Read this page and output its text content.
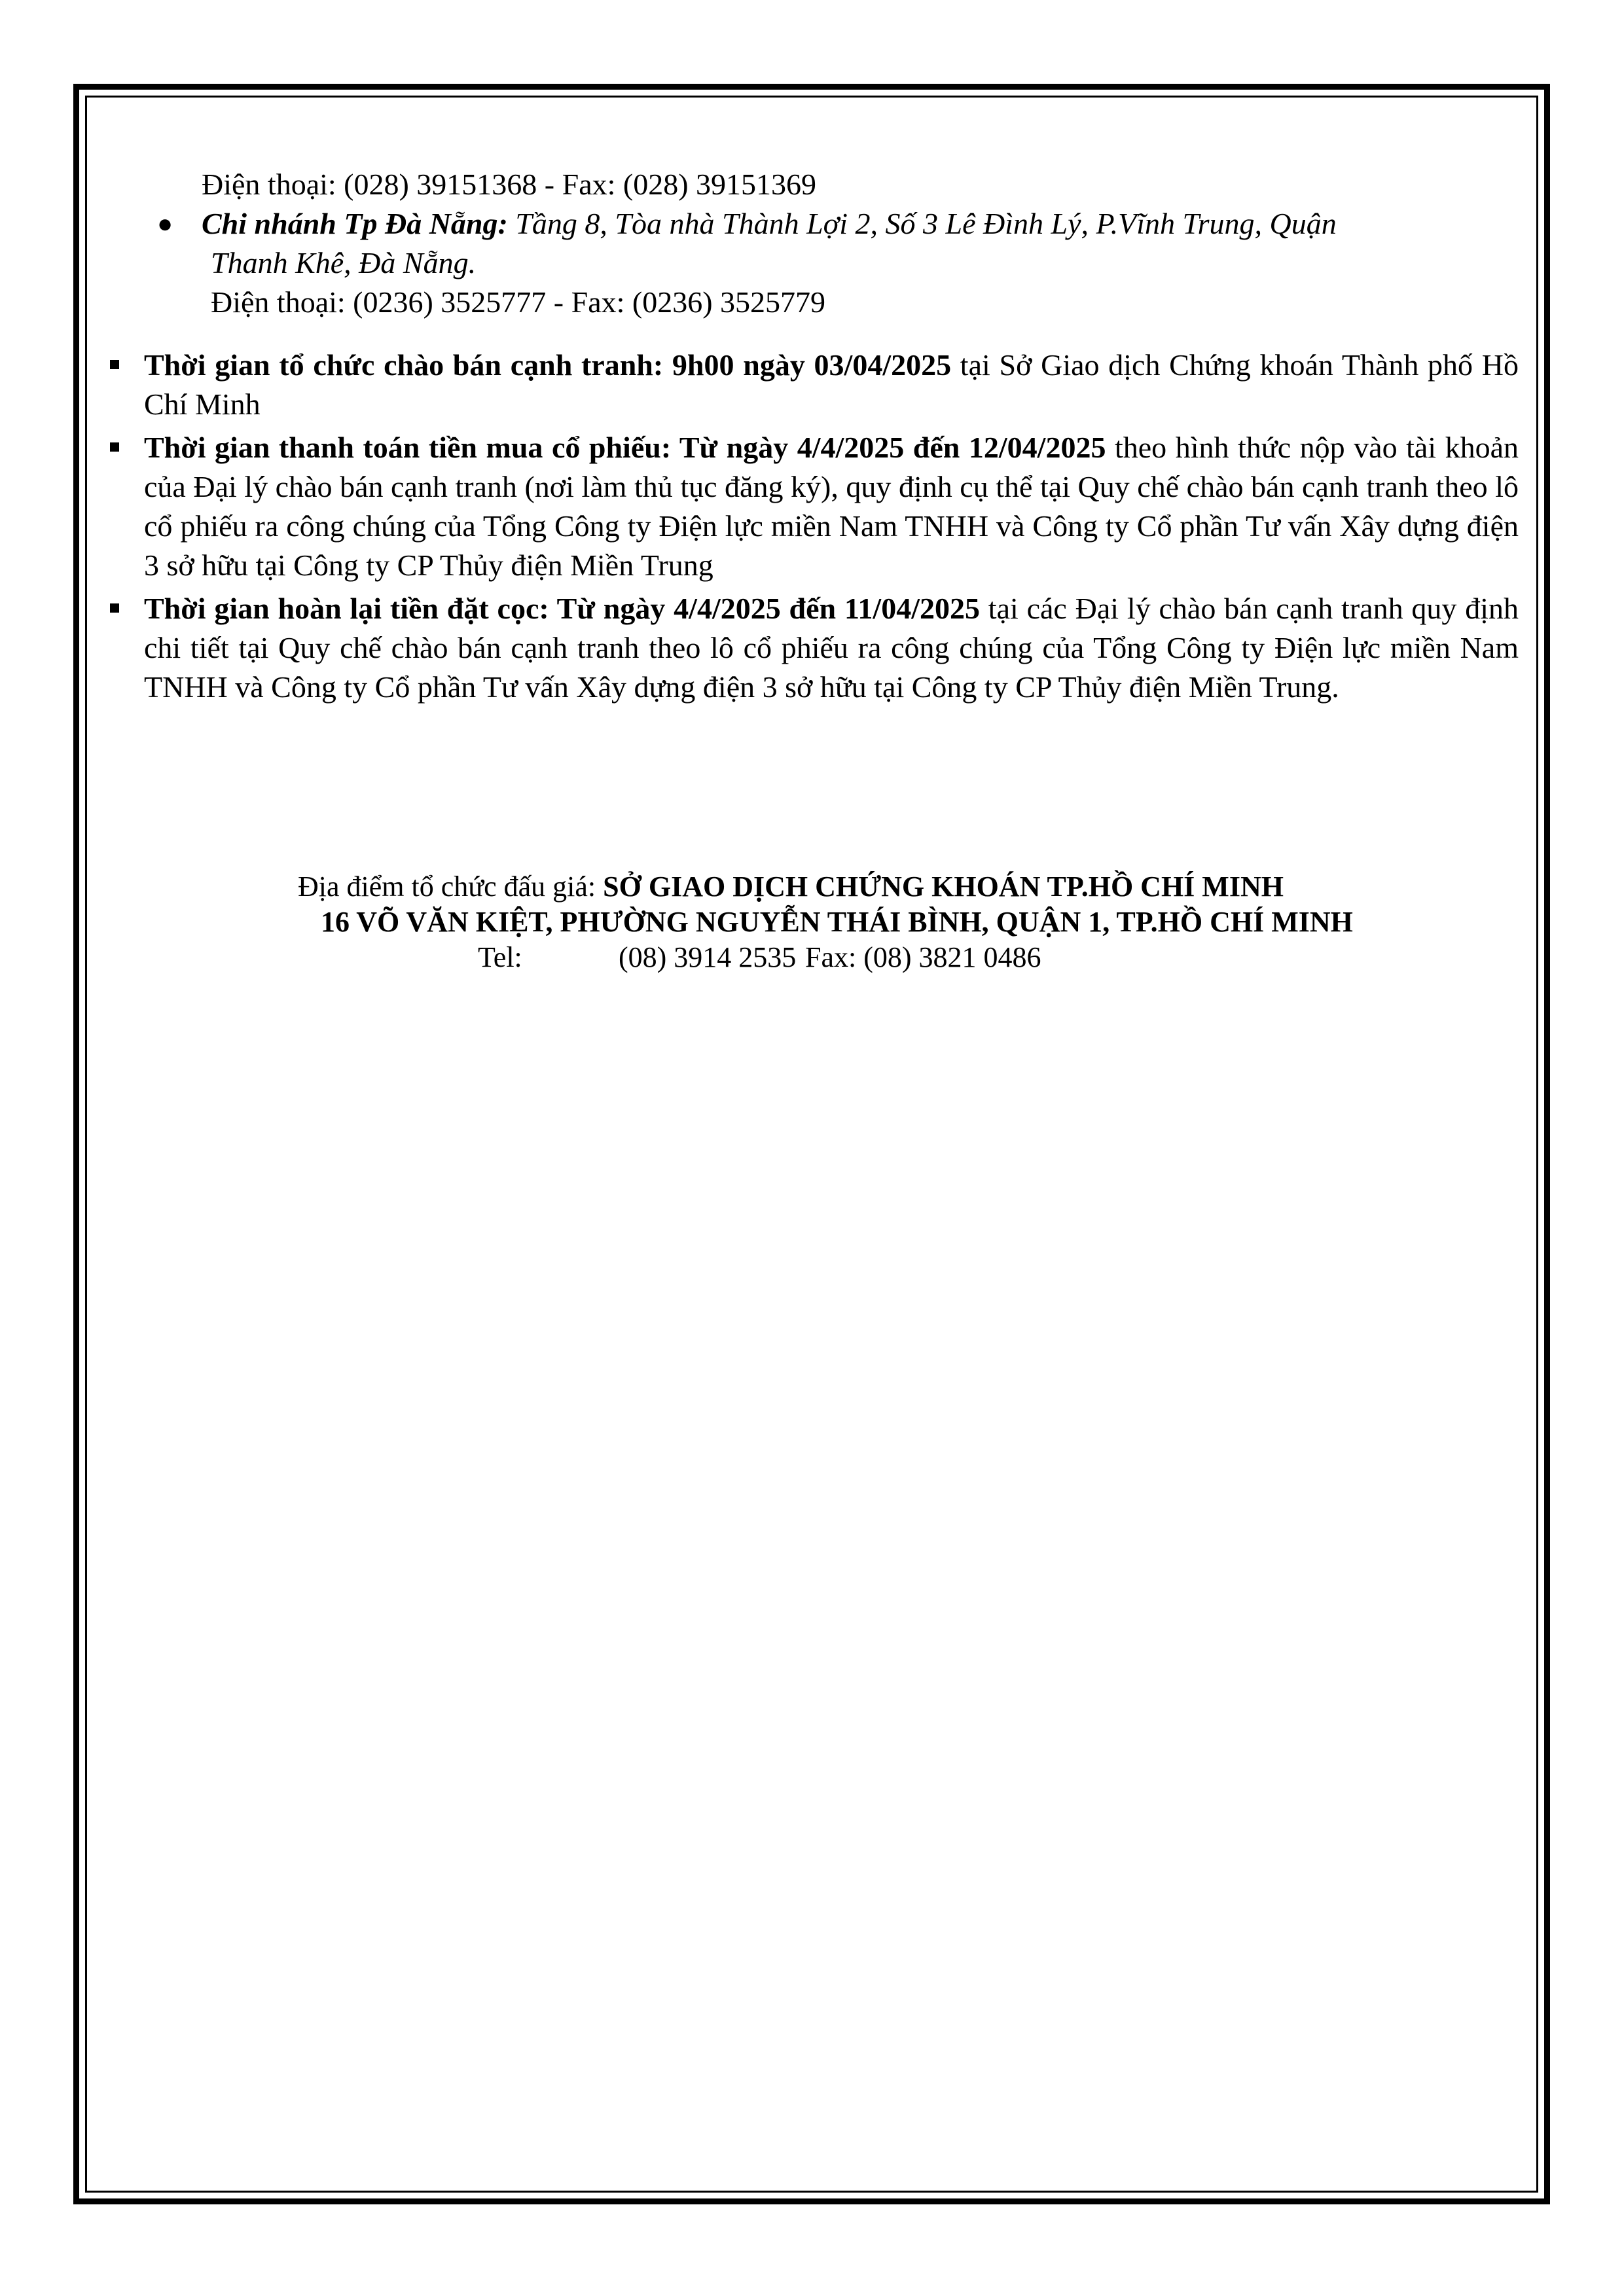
Điện thoại: (028) 39151368 - Fax: (028) 39151369
● Chi nhánh Tp Đà Nẵng: Tầng 8, Tòa nhà Thành Lợi 2, Số 3 Lê Đình Lý, P.Vĩnh Trung, Quận
Thanh Khê, Đà Nẵng.
Điện thoại: (0236) 3525777 - Fax: (0236) 3525779
Thời gian tổ chức chào bán cạnh tranh: 9h00 ngày 03/04/2025 tại Sở Giao dịch Chứng khoán Thành phố Hồ Chí Minh
Thời gian thanh toán tiền mua cổ phiếu: Từ ngày 4/4/2025 đến 12/04/2025 theo hình thức nộp vào tài khoản của Đại lý chào bán cạnh tranh (nơi làm thủ tục đăng ký), quy định cụ thể tại Quy chế chào bán cạnh tranh theo lô cổ phiếu ra công chúng của Tổng Công ty Điện lực miền Nam TNHH và Công ty Cổ phần Tư vấn Xây dựng điện 3 sở hữu tại Công ty CP Thủy điện Miền Trung
Thời gian hoàn lại tiền đặt cọc: Từ ngày 4/4/2025 đến 11/04/2025 tại các Đại lý chào bán cạnh tranh quy định chi tiết tại Quy chế chào bán cạnh tranh theo lô cổ phiếu ra công chúng của Tổng Công ty Điện lực miền Nam TNHH và Công ty Cổ phần Tư vấn Xây dựng điện 3 sở hữu tại Công ty CP Thủy điện Miền Trung.
Địa điểm tổ chức đấu giá: SỞ GIAO DỊCH CHỨNG KHOÁN TP.HỒ CHÍ MINH
16 VÕ VĂN KIỆT, PHƯỜNG NGUYỄN THÁI BÌNH, QUẬN 1, TP.HỒ CHÍ MINH
Tel:	(08) 3914 2535 Fax: (08) 3821 0486
